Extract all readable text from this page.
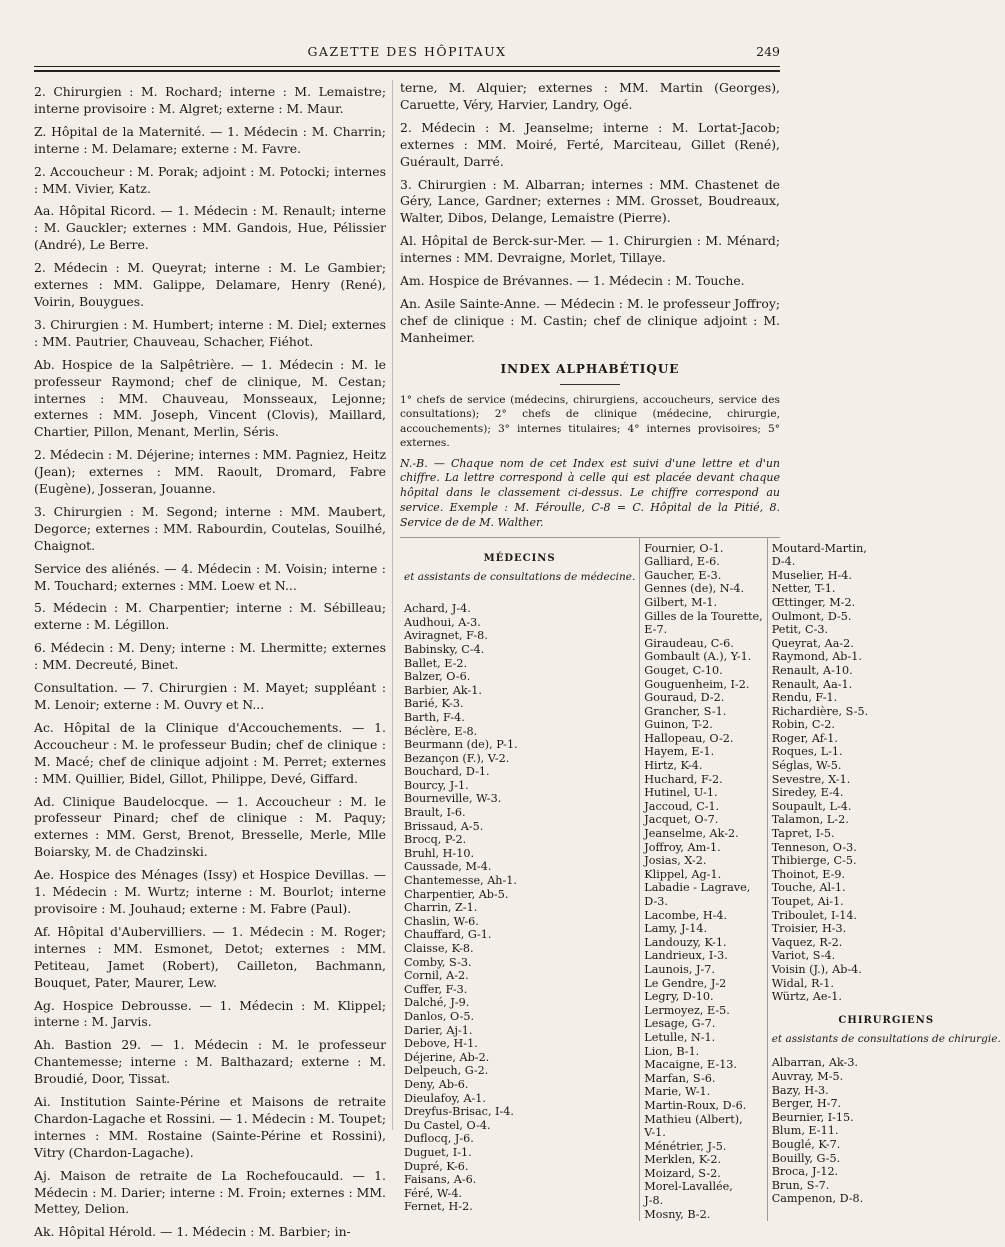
GAZETTE DES HÔPITAUX	249

2. Chirurgien : M. Rochard; interne : M. Lemaistre; interne provisoire : M. Algret; externe : M. Maur.

Z. Hôpital de la Maternité. — 1. Médecin : M. Charrin; interne : M. Delamare; externe : M. Favre.

2. Accoucheur : M. Porak; adjoint : M. Potocki; internes : MM. Vivier, Katz.

Aa. Hôpital Ricord. — 1. Médecin : M. Renault; interne : M. Gauckler; externes : MM. Gandois, Hue, Pélissier (André), Le Berre.

2. Médecin : M. Queyrat; interne : M. Le Gambier; externes : MM. Galippe, Delamare, Henry (René), Voirin, Bouygues.

3. Chirurgien : M. Humbert; interne : M. Diel; externes : MM. Pautrier, Chauveau, Schacher, Fiéhot.

Ab. Hospice de la Salpêtrière. — 1. Médecin : M. le professeur Raymond; chef de clinique, M. Cestan; internes : MM. Chauveau, Monsseaux, Lejonne; externes : MM. Joseph, Vincent (Clovis), Maillard, Chartier, Pillon, Menant, Merlin, Séris.

2. Médecin : M. Déjerine; internes : MM. Pagniez, Heitz (Jean); externes : MM. Raoult, Dromard, Fabre (Eugène), Josseran, Jouanne.

3. Chirurgien : M. Segond; interne : MM. Maubert, Degorce; externes : MM. Rabourdin, Coutelas, Souilhé, Chaignot.

Service des aliénés. — 4. Médecin : M. Voisin; interne : M. Touchard; externes : MM. Loew et N...

5. Médecin : M. Charpentier; interne : M. Sébilleau; externe : M. Légillon.

6. Médecin : M. Deny; interne : M. Lhermitte; externes : MM. Decreuté, Binet.

Consultation. — 7. Chirurgien : M. Mayet; suppléant : M. Lenoir; externe : M. Ouvry et N...

Ac. Hôpital de la Clinique d'Accouchements. — 1. Accoucheur : M. le professeur Budin; chef de clinique : M. Macé; chef de clinique adjoint : M. Perret; externes : MM. Quillier, Bidel, Gillot, Philippe, Devé, Giffard.

Ad. Clinique Baudelocque. — 1. Accoucheur : M. le professeur Pinard; chef de clinique : M. Paquy; externes : MM. Gerst, Brenot, Bresselle, Merle, Mlle Boiarsky, M. de Chadzinski.

Ae. Hospice des Ménages (Issy) et Hospice Devillas. — 1. Médecin : M. Wurtz; interne : M. Bourlot; interne provisoire : M. Jouhaud; externe : M. Fabre (Paul).

Af. Hôpital d'Aubervilliers. — 1. Médecin : M. Roger; internes : MM. Esmonet, Detot; externes : MM. Petiteau, Jamet (Robert), Cailleton, Bachmann, Bouquet, Pater, Maurer, Lew.

Ag. Hospice Debrousse. — 1. Médecin : M. Klippel; interne : M. Jarvis.

Ah. Bastion 29. — 1. Médecin : M. le professeur Chantemesse; interne : M. Balthazard; externe : M. Broudié, Door, Tissat.

Ai. Institution Sainte-Périne et Maisons de retraite Chardon-Lagache et Rossini. — 1. Médecin : M. Toupet; internes : MM. Rostaine (Sainte-Périne et Rossini), Vitry (Chardon-Lagache).

Aj. Maison de retraite de La Rochefoucauld. — 1. Médecin : M. Darier; interne : M. Froin; externes : MM. Mettey, Delion.

Ak. Hôpital Hérold. — 1. Médecin : M. Barbier; in-

terne, M. Alquier; externes : MM. Martin (Georges), Caruette, Véry, Harvier, Landry, Ogé.

2. Médecin : M. Jeanselme; interne : M. Lortat-Jacob; externes : MM. Moiré, Ferté, Marciteau, Gillet (René), Guérault, Darré.

3. Chirurgien : M. Albarran; internes : MM. Chastenet de Géry, Lance, Gardner; externes : MM. Grosset, Boudreaux, Walter, Dibos, Delange, Lemaistre (Pierre).

Al. Hôpital de Berck-sur-Mer. — 1. Chirurgien : M. Ménard; internes : MM. Devraigne, Morlet, Tillaye.

Am. Hospice de Brévannes. — 1. Médecin : M. Touche.

An. Asile Sainte-Anne. — Médecin : M. le professeur Joffroy; chef de clinique : M. Castin; chef de clinique adjoint : M. Manheimer.

INDEX ALPHABÉTIQUE
1° chefs de service (médecins, chirurgiens, accoucheurs, service des consultations); 2° chefs de clinique (médecine, chirurgie, accouchements); 3° internes titulaires; 4° internes provisoires; 5° externes.
N.-B. — Chaque nom de cet Index est suivi d'une lettre et d'un chiffre. La lettre correspond à celle qui est placée devant chaque hôpital dans le classement ci-dessus. Le chiffre correspond au service. Exemple : M. Féroulle, C-8 = C. Hôpital de la Pitié, 8. Service de de M. Walther.
MÉDECINS
et assistants de consultations de médecine.
Achard, J-4.
Audhoui, A-3.
Aviragnet, F-8.
Babinsky, C-4.
Ballet, E-2.
Balzer, O-6.
Barbier, Ak-1.
Barié, K-3.
Barth, F-4.
Béclère, E-8.
Beurmann (de), P-1.
Bezançon (F.), V-2.
Bouchard, D-1.
Bourcy, J-1.
Bourneville, W-3.
Brault, I-6.
Brissaud, A-5.
Brocq, P-2.
Bruhl, H-10.
Caussade, M-4.
Chantemesse, Ah-1.
Charpentier, Ab-5.
Charrin, Z-1.
Chaslin, W-6.
Chauffard, G-1.
Claisse, K-8.
Comby, S-3.
Cornil, A-2.
Cuffer, F-3.
Dalché, J-9.
Danlos, O-5.
Darier, Aj-1.
Debove, H-1.
Déjerine, Ab-2.
Delpeuch, G-2.
Deny, Ab-6.
Dieulafoy, A-1.
Dreyfus-Brisac, I-4.
Du Castel, O-4.
Duflocq, J-6.
Duguet, I-1.
Dupré, K-6.
Faisans, A-6.
Féré, W-4.
Fernet, H-2.
Fournier, O-1.
Galliard, E-6.
Gaucher, E-3.
Gennes (de), N-4.
Gilbert, M-1.
Gilles de la Tourette,
E-7.
Giraudeau, C-6.
Gombault (A.), Y-1.
Gouget, C-10.
Gouguenheim, I-2.
Gouraud, D-2.
Grancher, S-1.
Guinon, T-2.
Hallopeau, O-2.
Hayem, E-1.
Hirtz, K-4.
Huchard, F-2.
Hutinel, U-1.
Jaccoud, C-1.
Jacquet, O-7.
Jeanselme, Ak-2.
Joffroy, Am-1.
Josias, X-2.
Klippel, Ag-1.
Labadie - Lagrave,
D-3.
Lacombe, H-4.
Lamy, J-14.
Landouzy, K-1.
Landrieux, I-3.
Launois, J-7.
Le Gendre, J-2
Legry, D-10.
Lermoyez, E-5.
Lesage, G-7.
Letulle, N-1.
Lion, B-1.
Macaigne, E-13.
Marfan, S-6.
Marie, W-1.
Martin-Roux, D-6.
Mathieu (Albert),
V-1.
Ménétrier, J-5.
Merklen, K-2.
Moizard, S-2.
Morel-Lavallée,
J-8.
Mosny, B-2.
Moutard-Martin,
D-4.
Muselier, H-4.
Netter, T-1.
Œttinger, M-2.
Oulmont, D-5.
Petit, C-3.
Queyrat, Aa-2.
Raymond, Ab-1.
Renault, A-10.
Renault, Aa-1.
Rendu, F-1.
Richardière, S-5.
Robin, C-2.
Roger, Af-1.
Roques, L-1.
Séglas, W-5.
Sevestre, X-1.
Siredey, E-4.
Soupault, L-4.
Talamon, L-2.
Tapret, I-5.
Tenneson, O-3.
Thibierge, C-5.
Thoinot, E-9.
Touche, Al-1.
Toupet, Ai-1.
Triboulet, I-14.
Troisier, H-3.
Vaquez, R-2.
Variot, S-4.
Voisin (J.), Ab-4.
Widal, R-1.
Würtz, Ae-1.
CHIRURGIENS
et assistants de consultations de chirurgie.
Albarran, Ak-3.
Auvray, M-5.
Bazy, H-3.
Berger, H-7.
Beurnier, I-15.
Blum, E-11.
Bouglé, K-7.
Bouilly, G-5.
Broca, J-12.
Brun, S-7.
Campenon, D-8.
